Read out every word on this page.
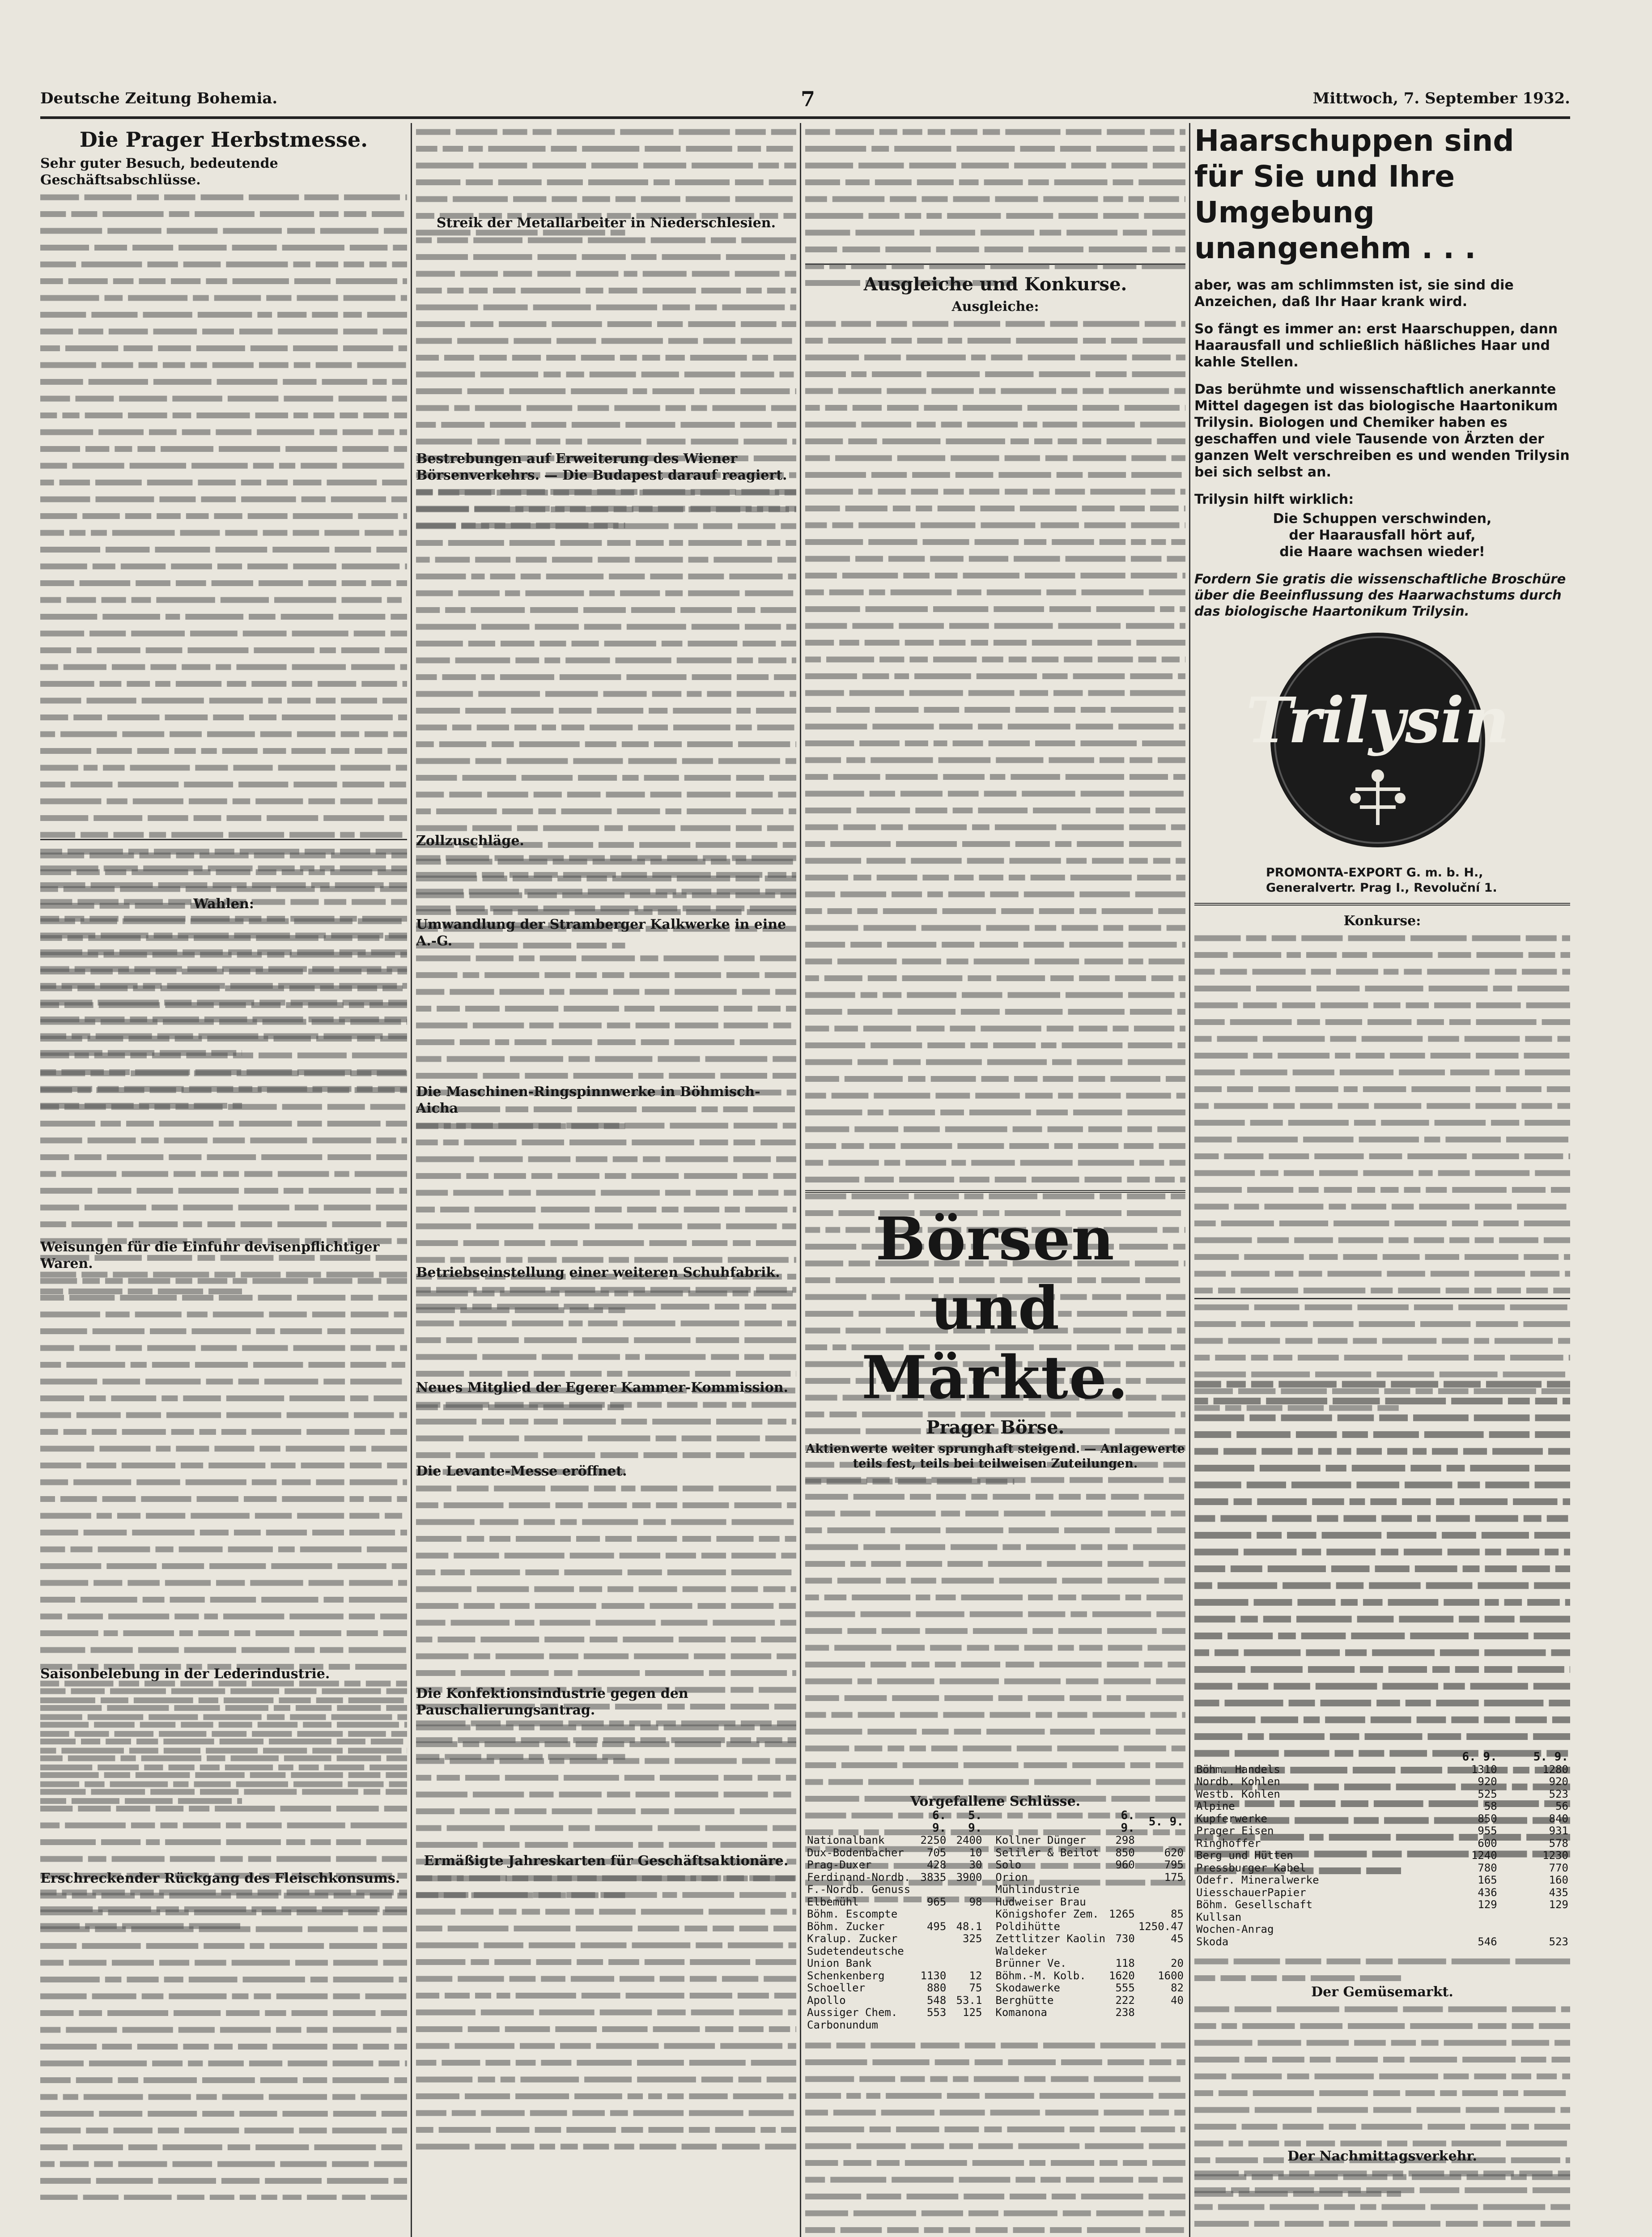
Deutsche Zeitung Bohemia.	7	Mittwoch, 7. September 1932.
Die Prager Herbstmesse.
Sehr guter Besuch, bedeutende Geschäftsabschlüsse.
Wahlen:
Weisungen für die Einfuhr devisenpflichtiger Waren.
Saisonbelebung in der Lederindustrie.
Erschreckender Rückgang des Fleischkonsums.
Streik der Metallarbeiter in Niederschlesien.
Bestrebungen auf Erweiterung des Wiener Börsenverkehrs. — Die Budapest darauf reagiert.
Zollzuschläge.
Umwandlung der Stramberger Kalkwerke in eine A.-G.
Die Maschinen-Ringspinnwerke in Böhmisch-Aicha
Betriebseinstellung einer weiteren Schuhfabrik.
Neues Mitglied der Egerer Kammer-Kommission.
Die Levante-Messe eröffnet.
Die Konfektionsindustrie gegen den Pauschalierungsantrag.
Ermäßigte Jahreskarten für Geschäftsaktionäre.
Ausgleiche und Konkurse.
Ausgleiche:
Börsen und Märkte.
Prager Börse.
Aktienwerte weiter sprunghaft steigend. — Anlagewerte teils fest, teils bei teilweisen Zuteilungen.
Vorgefallene Schlüsse.
	6. 9.	5. 9.
Nationalbank	2250	2400
Dux-Bodenbacher	705	10
Prag-Duxer	428	30
Ferdinand-Nordb.	3835	3900
F.-Nordb. Genuss		
Elbemühl	965	98
Böhm. Escompte		
Böhm. Zucker	495	48.1
Kralup. Zucker		325
Sudetendeutsche		
Union Bank		
Schenkenberg	1130	12
Schoeller	880	75
Apollo	548	53.1
Aussiger Chem.	553	125
Carbonundum		
	6. 9.	5. 9.
Kollner Dünger	298	
Seliler & Beilot	850	620
Solo	960	795
Orion		175
Mühlindustrie		
Hudweiser Brau		
Königshofer Zem.	1265	85
Poldihütte		1250.47
Zettlitzer Kaolin	730	45
Waldeker		
Brünner Ve.	118	20
Böhm.-M. Kolb.	1620	1600
Skodawerke	555	82
Berghütte	222	40
Komanona	238	
Haarschuppen sind für Sie und Ihre Umgebung unangenehm . . .
aber, was am schlimmsten ist, sie sind die Anzeichen, daß Ihr Haar krank wird.
So fängt es immer an: erst Haarschuppen, dann Haarausfall und schließlich häßliches Haar und kahle Stellen.
Das berühmte und wissenschaftlich anerkannte Mittel dagegen ist das biologische Haartonikum Trilysin. Biologen und Chemiker haben es geschaffen und viele Tausende von Ärzten der ganzen Welt verschreiben es und wenden Trilysin bei sich selbst an.
Trilysin hilft wirklich:
Die Schuppen verschwinden,
der Haarausfall hört auf,
die Haare wachsen wieder!
Fordern Sie gratis die wissenschaftliche Broschüre über die Beeinflussung des Haarwachstums durch das biologische Haartonikum Trilysin.
Trilysin
PROMONTA-EXPORT G. m. b. H.,
Generalvertr. Prag I., Revoluční 1.
Konkurse:
	6. 9.	5. 9.
Böhm. Handels	1310	1280
Nordb. Kohlen	920	920
Westb. Kohlen	525	523
Alpine	58	56
Kupferwerke	850	840
Prager Eisen	955	931
Ringhoffer	600	578
Berg und Hütten	1240	1230
Pressburger Kabel	780	770
Odefr. Mineralwerke	165	160
UiesschauerPapier	436	435
Böhm. Gesellschaft	129	129
Kullsan		
Wochen-Anrag		
Skoda	546	523
Der Gemüsemarkt.
Der Nachmittagsverkehr.
